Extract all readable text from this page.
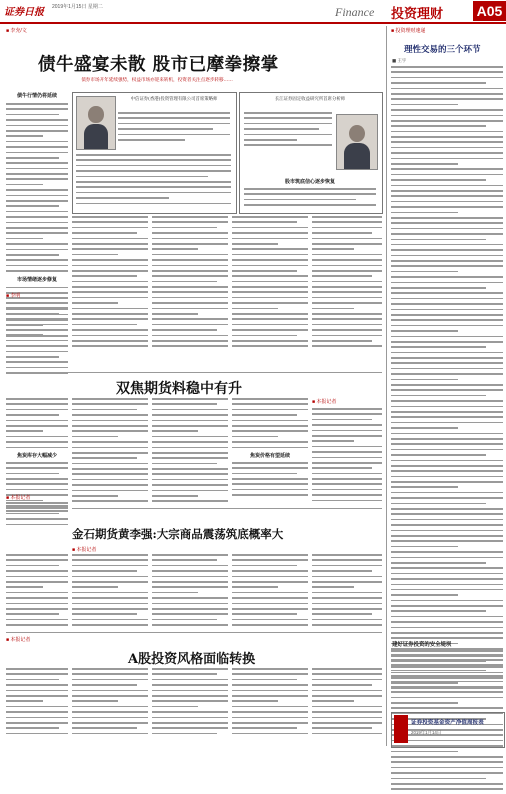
证券日报 2019年1月15日 星期二	Finance 投资理财 A05
■ 李充/文
债牛盛宴未散 股市已摩拳擦掌
债券市场开年延续强势，权益市场亦迎来转机，投资者关注点逐步转移……
债牛行情仍将延续
市场情绪逐步修复
中信证券(香港)投资管理有限公司首席策略师	长江证券固定收益研究所首席分析师
股市筑底信心逐步恢复
■ 投资理财速递
理性交易的三个环节
■ 王宇
双焦期货料稳中有升
■ 李明
焦炭库存大幅减少
■ 本报记者
焦炭价格有望延续
■ 本报记者
金石期货黄李强:大宗商品震荡筑底概率大
■ 本报记者
■ 本报记者
A股投资风格面临转换
建好证券投资的安全堤坝
证券投资基金资产净值周报表
2019年1月14日
